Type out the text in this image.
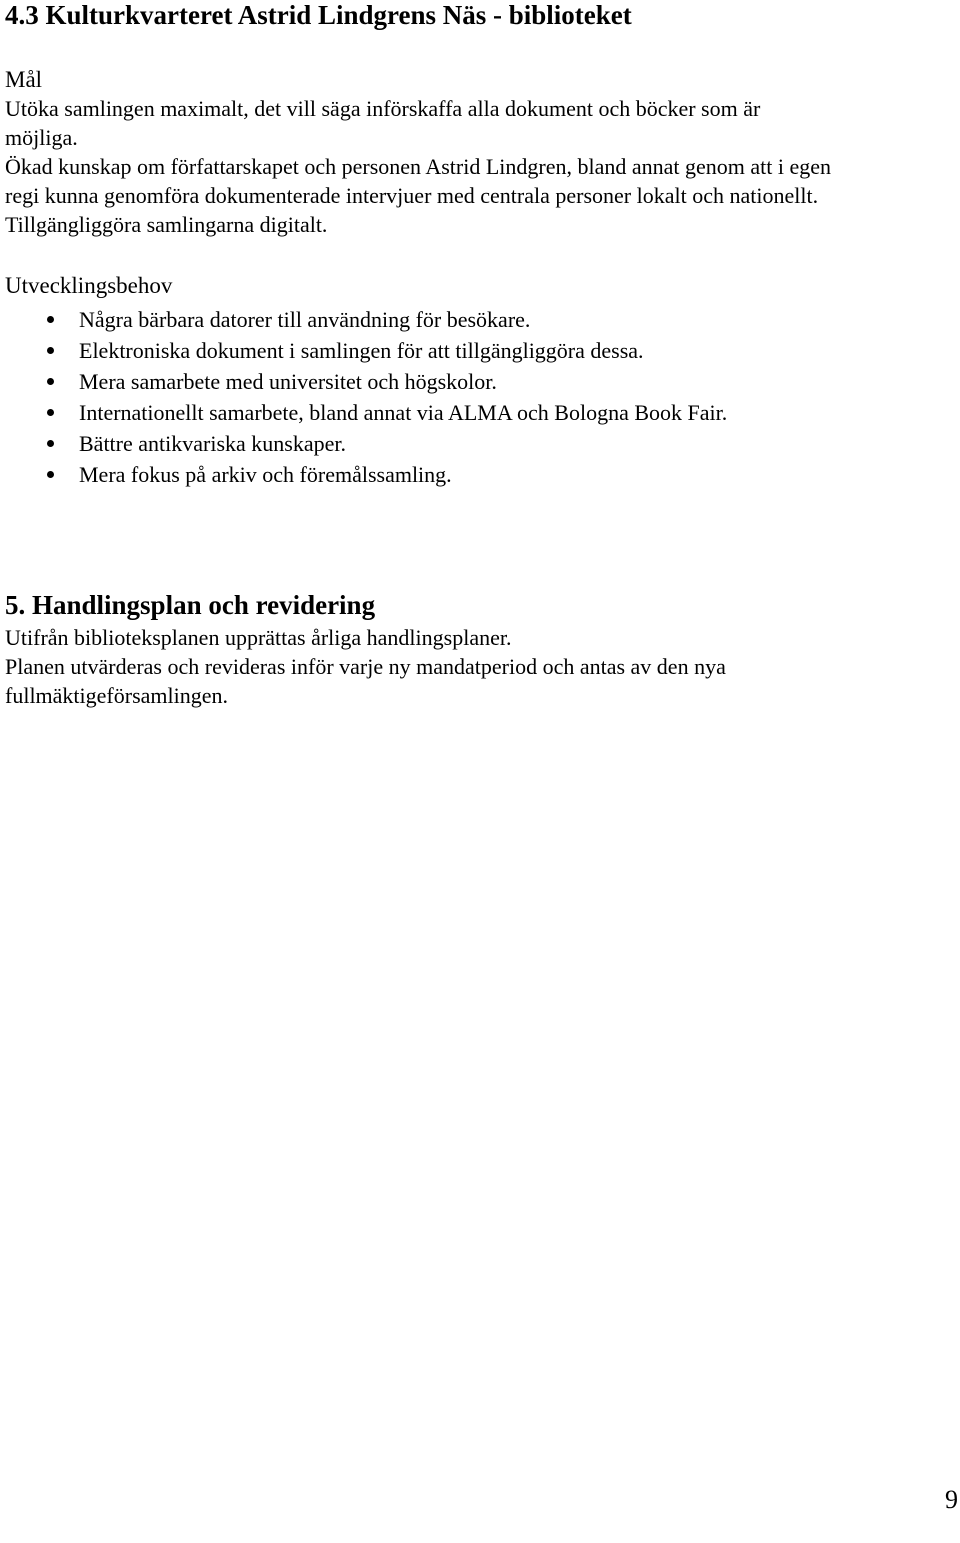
4.3 Kulturkvarteret Astrid Lindgrens Näs - biblioteket
Mål
Utöka samlingen maximalt, det vill säga införskaffa alla dokument och böcker som är
möjliga.
Ökad kunskap om författarskapet och personen Astrid Lindgren, bland annat genom att i egen
regi kunna genomföra dokumenterade intervjuer med centrala personer lokalt och nationellt.
Tillgängliggöra samlingarna digitalt.
Utvecklingsbehov
Några bärbara datorer till användning för besökare.
Elektroniska dokument i samlingen för att tillgängliggöra dessa.
Mera samarbete med universitet och högskolor.
Internationellt samarbete, bland annat via ALMA och Bologna Book Fair.
Bättre antikvariska kunskaper.
Mera fokus på arkiv och föremålssamling.
5. Handlingsplan och revidering
Utifrån biblioteksplanen upprättas årliga handlingsplaner.
Planen utvärderas och revideras inför varje ny mandatperiod och antas av den nya
fullmäktigeförsamlingen.
9
